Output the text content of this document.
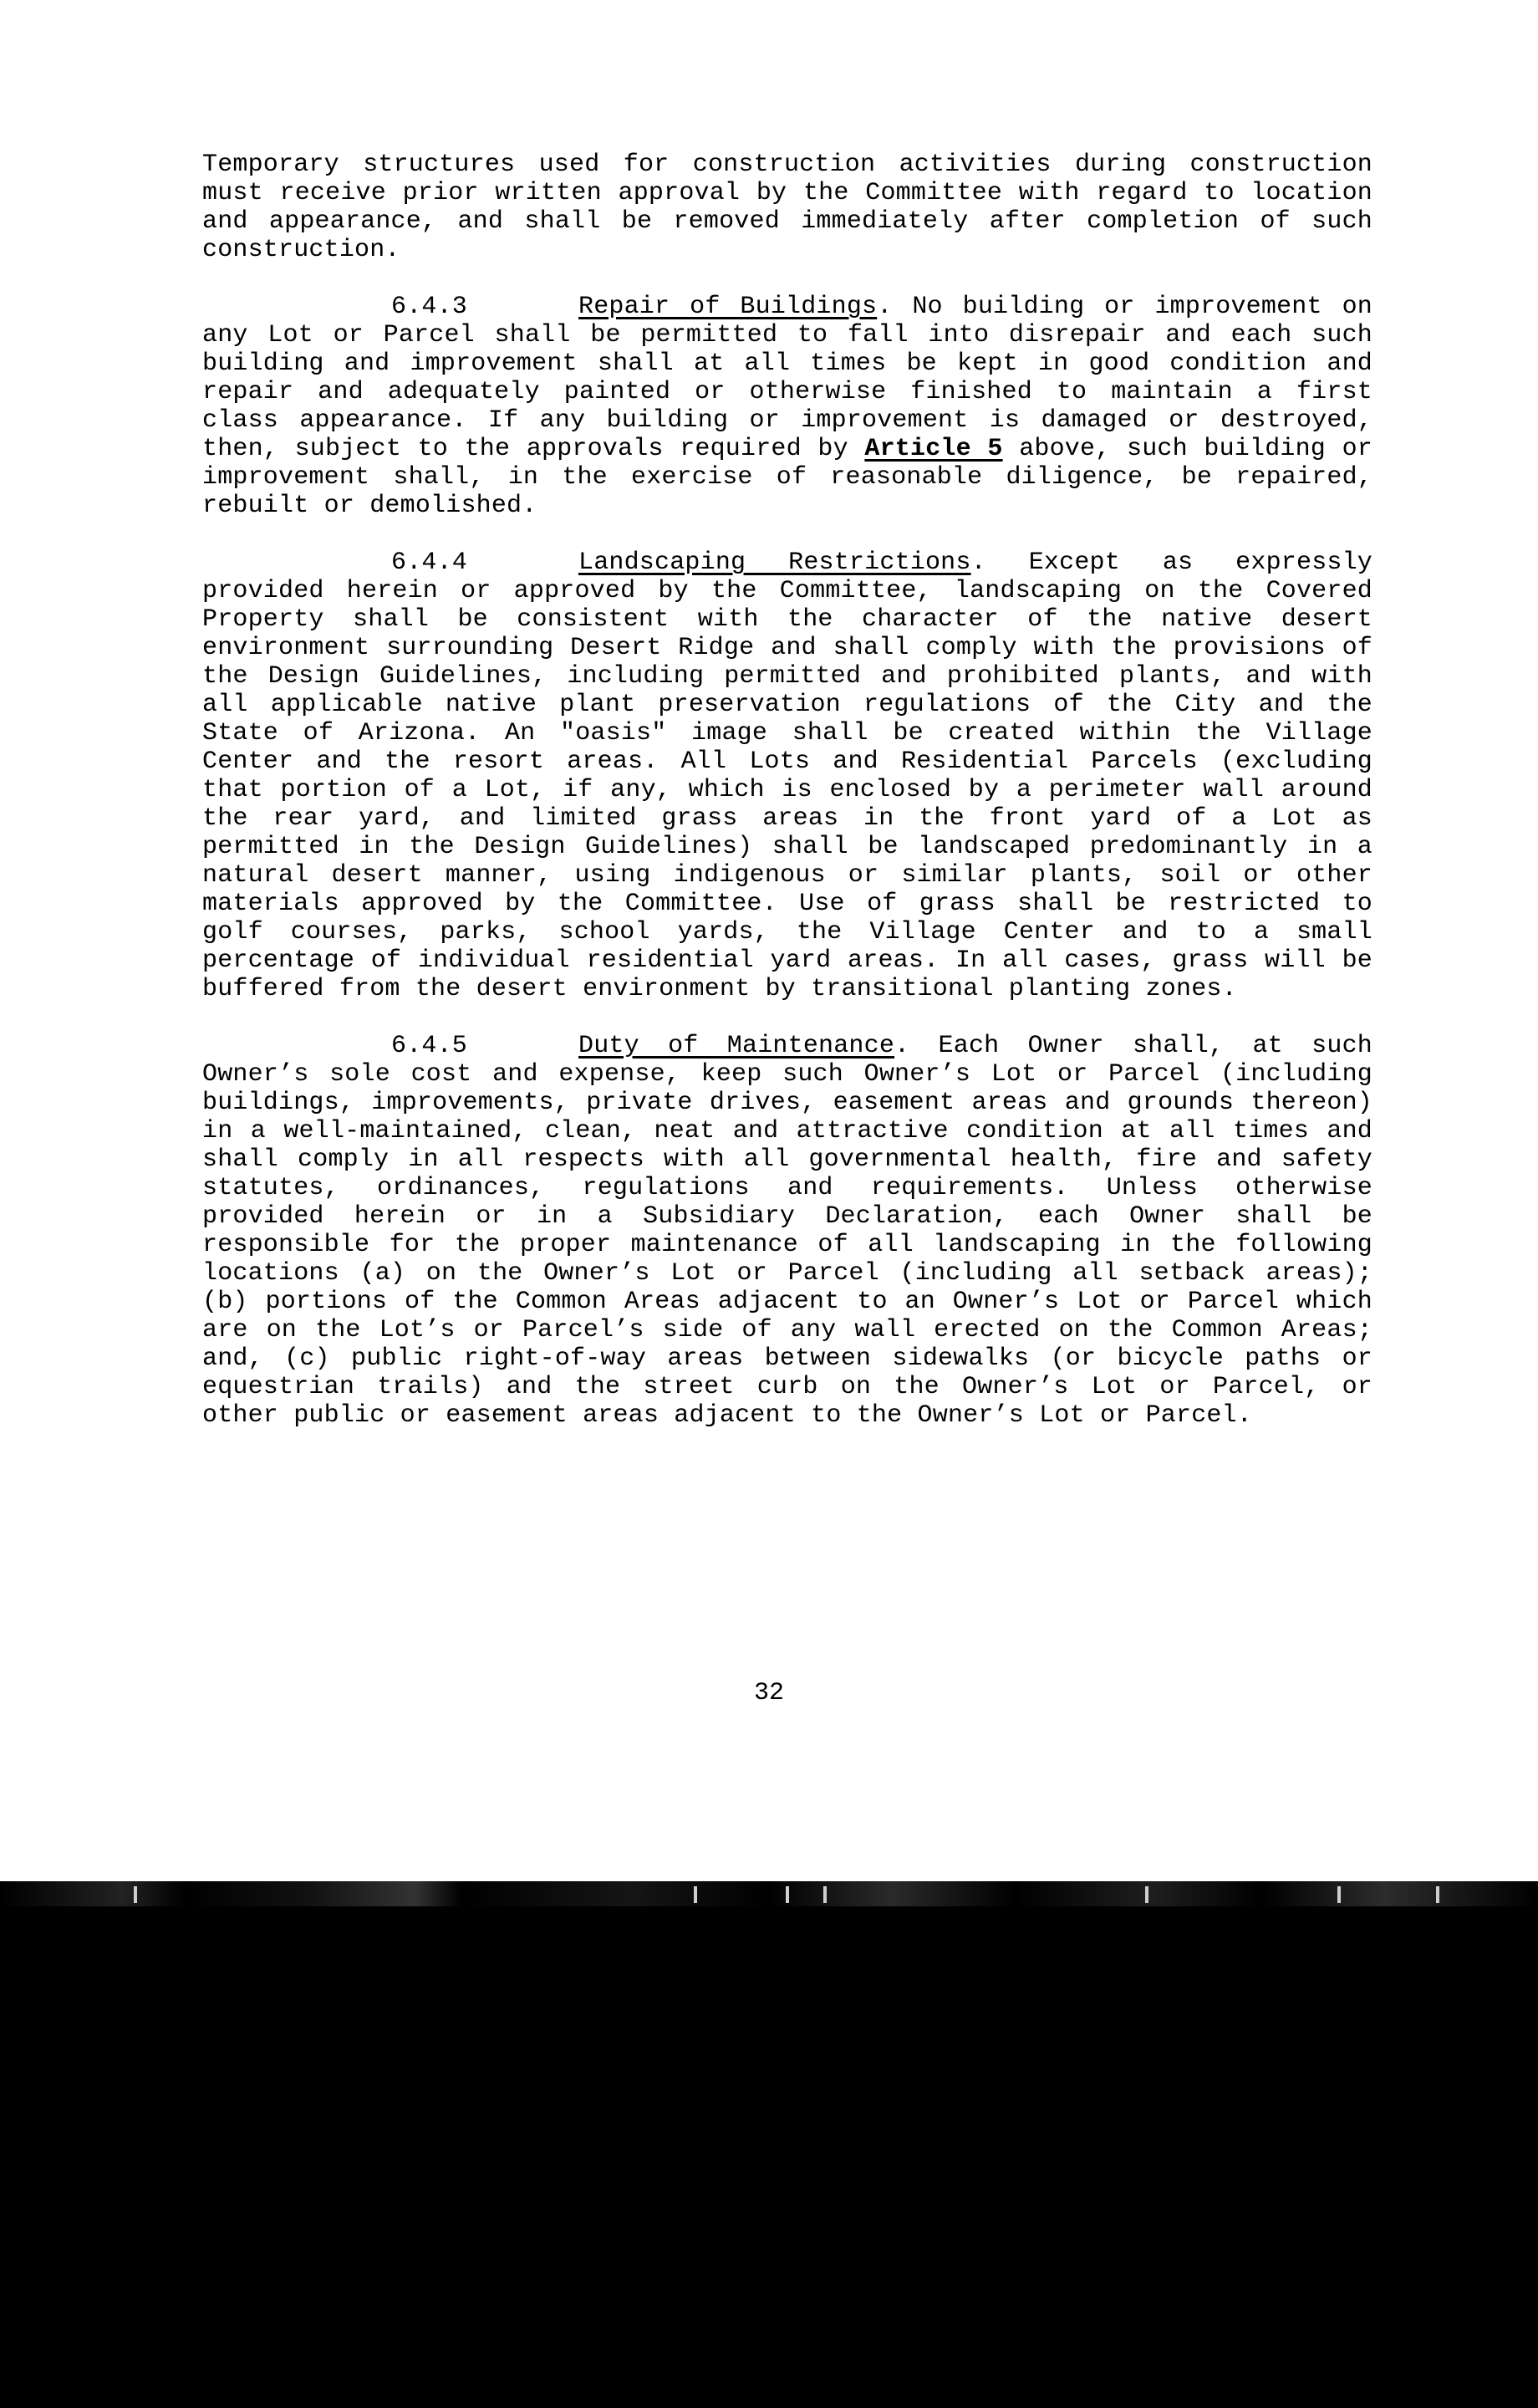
Temporary structures used for construction activities during construction must receive prior written approval by the Committee with regard to location and appearance, and shall be removed immediately after completion of such construction.

6.4.3	Repair of Buildings. No building or improvement on any Lot or Parcel shall be permitted to fall into disrepair and each such building and improvement shall at all times be kept in good condition and repair and adequately painted or otherwise finished to maintain a first class appearance. If any building or improvement is damaged or destroyed, then, subject to the approvals required by Article 5 above, such building or improvement shall, in the exercise of reasonable diligence, be repaired, rebuilt or demolished.

6.4.4	Landscaping Restrictions. Except as expressly provided herein or approved by the Committee, landscaping on the Covered Property shall be consistent with the character of the native desert environment surrounding Desert Ridge and shall comply with the provisions of the Design Guidelines, including permitted and prohibited plants, and with all applicable native plant preservation regulations of the City and the State of Arizona. An "oasis" image shall be created within the Village Center and the resort areas. All Lots and Residential Parcels (excluding that portion of a Lot, if any, which is enclosed by a perimeter wall around the rear yard, and limited grass areas in the front yard of a Lot as permitted in the Design Guidelines) shall be landscaped predominantly in a natural desert manner, using indigenous or similar plants, soil or other materials approved by the Committee. Use of grass shall be restricted to golf courses, parks, school yards, the Village Center and to a small percentage of individual residential yard areas. In all cases, grass will be buffered from the desert environment by transitional planting zones.

6.4.5	Duty of Maintenance. Each Owner shall, at such Owner’s sole cost and expense, keep such Owner’s Lot or Parcel (including buildings, improvements, private drives, easement areas and grounds thereon) in a well-maintained, clean, neat and attractive condition at all times and shall comply in all respects with all governmental health, fire and safety statutes, ordinances, regulations and requirements. Unless otherwise provided herein or in a Subsidiary Declaration, each Owner shall be responsible for the proper maintenance of all landscaping in the following locations (a) on the Owner’s Lot or Parcel (including all setback areas); (b) portions of the Common Areas adjacent to an Owner’s Lot or Parcel which are on the Lot’s or Parcel’s side of any wall erected on the Common Areas; and, (c) public right-of-way areas between sidewalks (or bicycle paths or equestrian trails) and the street curb on the Owner’s Lot or Parcel, or other public or easement areas adjacent to the Owner’s Lot or Parcel.

32
